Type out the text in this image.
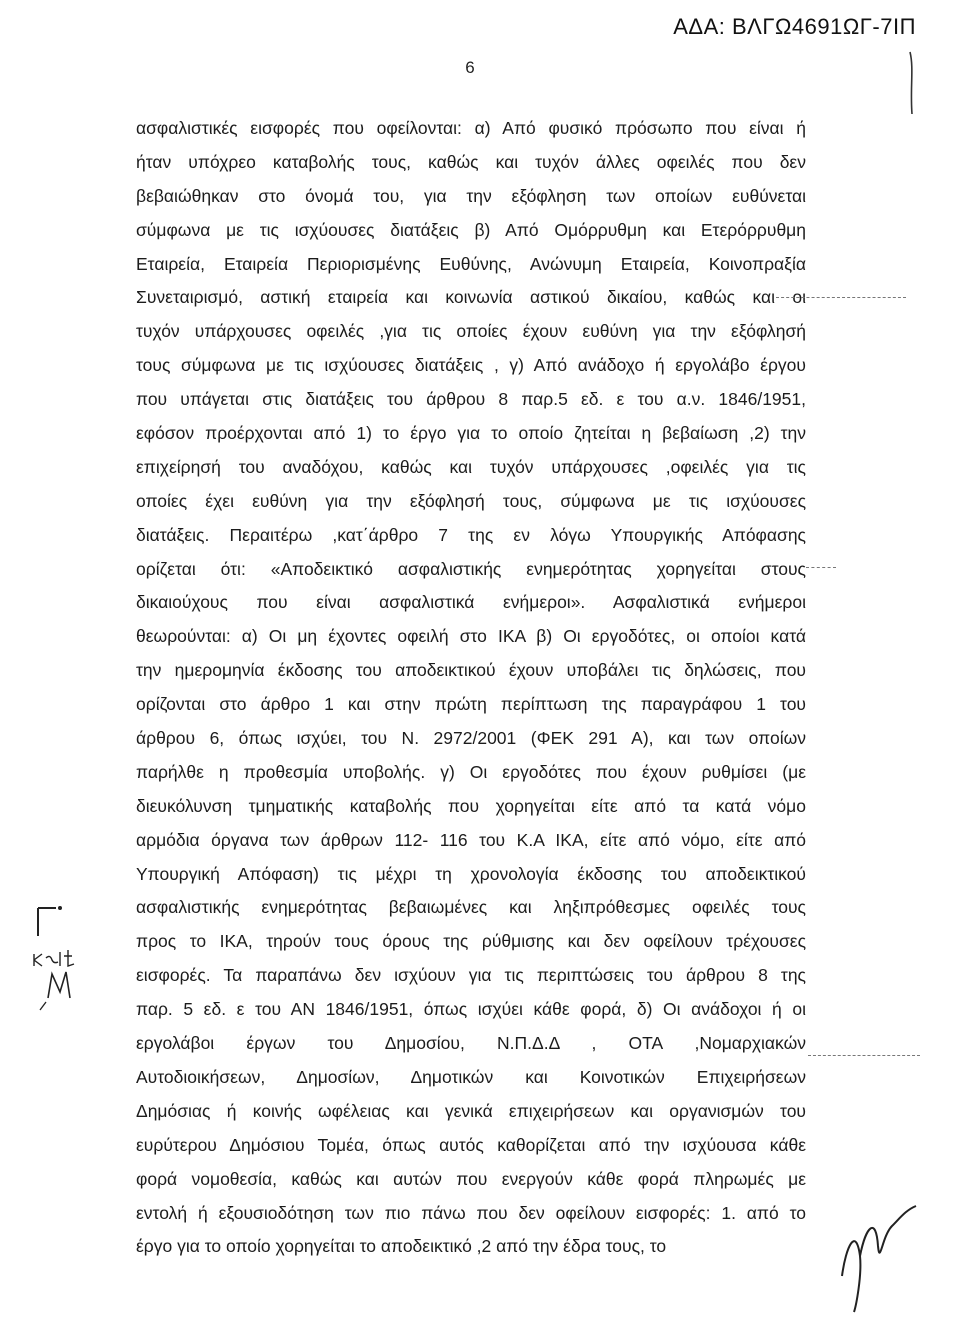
ΑΔΑ: ΒΛΓΩ4691ΩΓ-7ΙΠ
6
ασφαλιστικές εισφορές που οφείλονται: α) Από φυσικό πρόσωπο που είναι ή
ήταν υπόχρεο καταβολής τους, καθώς και τυχόν άλλες οφειλές που δεν
βεβαιώθηκαν στο όνομά του, για την εξόφληση των οποίων ευθύνεται
σύμφωνα με τις ισχύουσες διατάξεις β) Από Ομόρρυθμη και Ετερόρρυθμη
Εταιρεία, Εταιρεία Περιορισμένης Ευθύνης, Ανώνυμη Εταιρεία, Κοινοπραξία
Συνεταιρισμό, αστική εταιρεία και κοινωνία αστικού δικαίου, καθώς και οι
τυχόν υπάρχουσες οφειλές ,για τις οποίες έχουν ευθύνη για την εξόφλησή
τους σύμφωνα με τις ισχύουσες διατάξεις , γ) Από ανάδοχο ή εργολάβο έργου
που υπάγεται στις διατάξεις του άρθρου 8 παρ.5 εδ. ε του α.ν. 1846/1951,
εφόσον προέρχονται από 1) το έργο για το οποίο ζητείται η βεβαίωση ,2) την
επιχείρησή του αναδόχου, καθώς και τυχόν υπάρχουσες ,οφειλές για τις
οποίες έχει ευθύνη για την εξόφλησή τους, σύμφωνα με τις ισχύουσες
διατάξεις. Περαιτέρω ,κατ΄άρθρο 7 της εν λόγω Υπουργικής Απόφασης
ορίζεται ότι: «Αποδεικτικό ασφαλιστικής ενημερότητας χορηγείται στους
δικαιούχους που είναι ασφαλιστικά ενήμεροι». Ασφαλιστικά ενήμεροι
θεωρούνται: α) Οι μη έχοντες οφειλή στο ΙΚΑ β) Οι εργοδότες, οι οποίοι κατά
την ημερομηνία έκδοσης του αποδεικτικού έχουν υποβάλει τις δηλώσεις, που
ορίζονται στο άρθρο 1 και στην πρώτη περίπτωση της παραγράφου 1 του
άρθρου 6, όπως ισχύει, του Ν. 2972/2001 (ΦΕΚ 291 Α), και των οποίων
παρήλθε η προθεσμία υποβολής. γ) Οι εργοδότες που έχουν ρυθμίσει (με
διευκόλυνση τμηματικής καταβολής που χορηγείται είτε από τα κατά νόμο
αρμόδια όργανα των άρθρων 112- 116 του Κ.Α ΙΚΑ, είτε από νόμο, είτε από
Υπουργική Απόφαση) τις μέχρι τη χρονολογία έκδοσης του αποδεικτικού
ασφαλιστικής ενημερότητας βεβαιωμένες και ληξιπρόθεσμες οφειλές τους
προς το ΙΚΑ, τηρούν τους όρους της ρύθμισης και δεν οφείλουν τρέχουσες
εισφορές. Τα παραπάνω δεν ισχύουν για τις περιπτώσεις του άρθρου 8 της
παρ. 5 εδ. ε του ΑΝ 1846/1951, όπως ισχύει κάθε φορά, δ) Οι ανάδοχοι ή οι
εργολάβοι έργων του Δημοσίου, Ν.Π.Δ.Δ , ΟΤΑ ,Νομαρχιακών
Αυτοδιοικήσεων, Δημοσίων, Δημοτικών και Κοινοτικών Επιχειρήσεων
Δημόσιας ή κοινής ωφέλειας και γενικά επιχειρήσεων και οργανισμών του
ευρύτερου Δημόσιου Τομέα, όπως αυτός καθορίζεται από την ισχύουσα κάθε
φορά νομοθεσία, καθώς και αυτών που ενεργούν κάθε φορά πληρωμές με
εντολή ή εξουσιοδότηση των πιο πάνω που δεν οφείλουν εισφορές: 1. από το
έργο για το οποίο χορηγείται το αποδεικτικό ,2 από την έδρα τους, το
